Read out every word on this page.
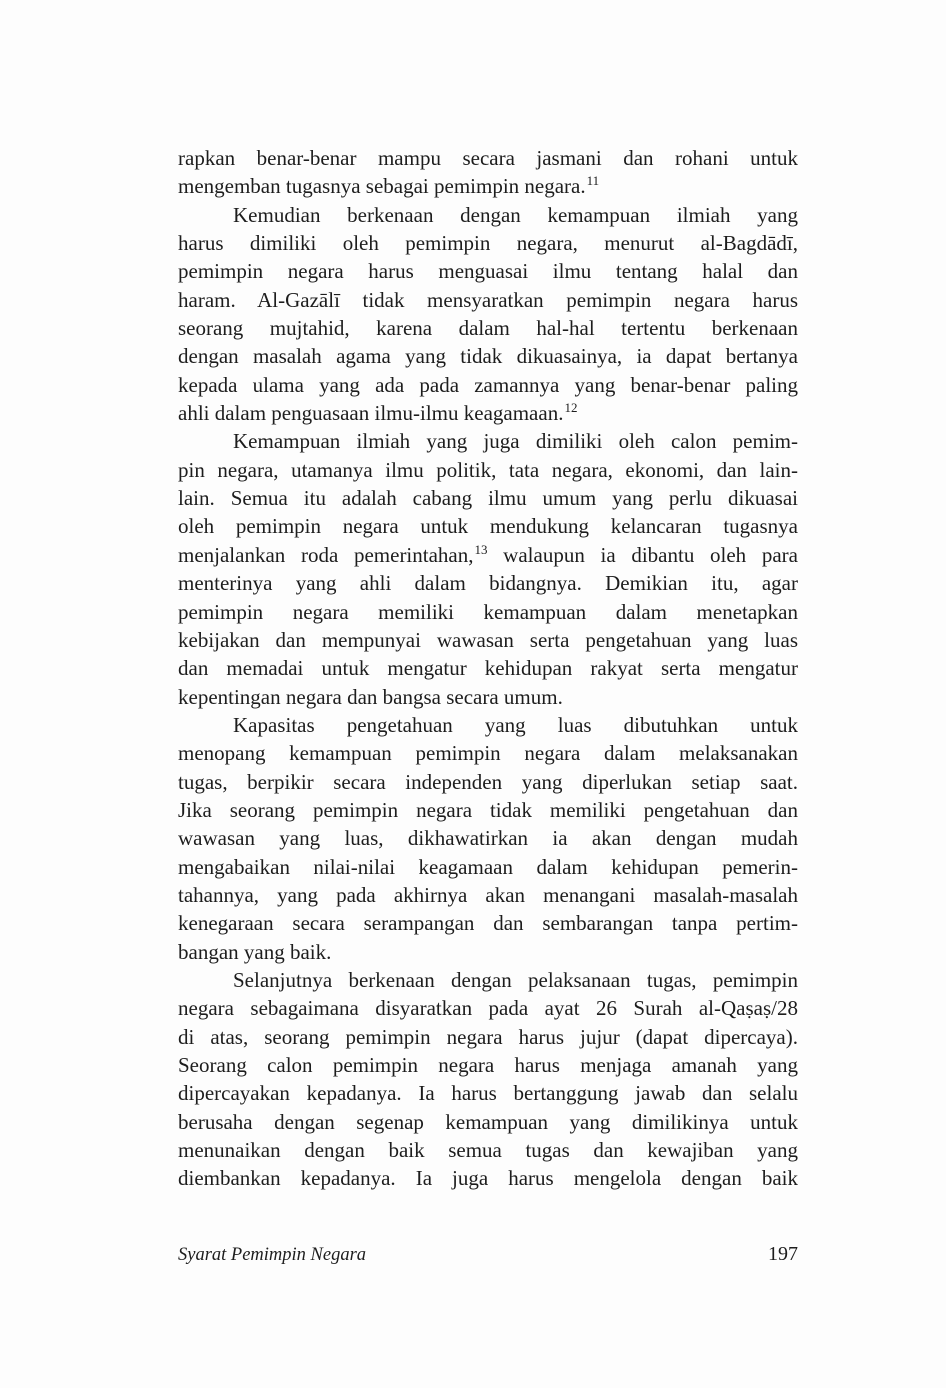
rapkan benar-benar mampu secara jasmani dan rohani untuk
mengemban tugasnya sebagai pemimpin negara.$^{11}$
Kemudian berkenaan dengan kemampuan ilmiah yang
harus dimiliki oleh pemimpin negara, menurut al-Bagdādī,
pemimpin negara harus menguasai ilmu tentang halal dan
haram. Al-Gazālī tidak mensyaratkan pemimpin negara harus
seorang mujtahid, karena dalam hal-hal tertentu berkenaan
dengan masalah agama yang tidak dikuasainya, ia dapat bertanya
kepada ulama yang ada pada zamannya yang benar-benar paling
ahli dalam penguasaan ilmu-ilmu keagamaan.$^{12}$
Kemampuan ilmiah yang juga dimiliki oleh calon pemim-
pin negara, utamanya ilmu politik, tata negara, ekonomi, dan lain-
lain. Semua itu adalah cabang ilmu umum yang perlu dikuasai
oleh pemimpin negara untuk mendukung kelancaran tugasnya
menjalankan roda pemerintahan,$^{13}$ walaupun ia dibantu oleh para
menterinya yang ahli dalam bidangnya. Demikian itu, agar
pemimpin negara memiliki kemampuan dalam menetapkan
kebijakan dan mempunyai wawasan serta pengetahuan yang luas
dan memadai untuk mengatur kehidupan rakyat serta mengatur
kepentingan negara dan bangsa secara umum.
Kapasitas pengetahuan yang luas dibutuhkan untuk
menopang kemampuan pemimpin negara dalam melaksanakan
tugas, berpikir secara independen yang diperlukan setiap saat.
Jika seorang pemimpin negara tidak memiliki pengetahuan dan
wawasan yang luas, dikhawatirkan ia akan dengan mudah
mengabaikan nilai-nilai keagamaan dalam kehidupan pemerin-
tahannya, yang pada akhirnya akan menangani masalah-masalah
kenegaraan secara serampangan dan sembarangan tanpa pertim-
bangan yang baik.
Selanjutnya berkenaan dengan pelaksanaan tugas, pemimpin
negara sebagaimana disyaratkan pada ayat 26 Surah al-Qaṣaṣ/28
di atas, seorang pemimpin negara harus jujur (dapat dipercaya).
Seorang calon pemimpin negara harus menjaga amanah yang
dipercayakan kepadanya. Ia harus bertanggung jawab dan selalu
berusaha dengan segenap kemampuan yang dimilikinya untuk
menunaikan dengan baik semua tugas dan kewajiban yang
diembankan kepadanya. Ia juga harus mengelola dengan baik
Syarat Pemimpin Negara	197
